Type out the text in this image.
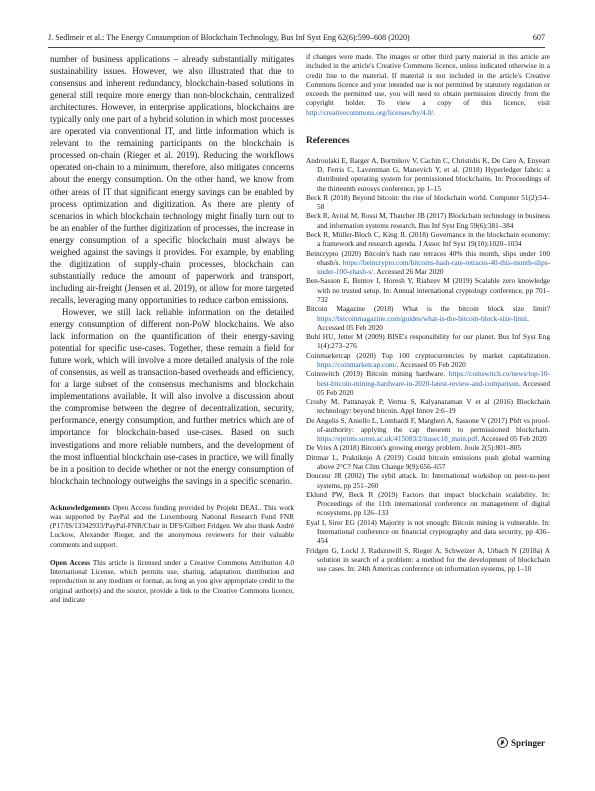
J. Sedlmeir et al.: The Energy Consumption of Blockchain Technology, Bus Inf Syst Eng 62(6):599–608 (2020)	607

number of business applications – already substantially mitigates sustainability issues. However, we also illustrated that due to consensus and inherent redundancy, blockchain-based solutions in general still require more energy than non-blockchain, centralized architectures. However, in enterprise applications, blockchains are typically only one part of a hybrid solution in which most processes are operated via conventional IT, and little information which is relevant to the remaining participants on the blockchain is processed on-chain (Rieger et al. 2019). Reducing the workflows operated on-chain to a minimum, therefore, also mitigates concerns about the energy consumption. On the other hand, we know from other areas of IT that significant energy savings can be enabled by process optimization and digitization. As there are plenty of scenarios in which blockchain technology might finally turn out to be an enabler of the further digitization of processes, the increase in energy consumption of a specific blockchain must always be weighed against the savings it provides. For example, by enabling the digitization of supply-chain processes, blockchain can substantially reduce the amount of paperwork and transport, including air-freight (Jensen et al. 2019), or allow for more targeted recalls, leveraging many opportunities to reduce carbon emissions.

However, we still lack reliable information on the detailed energy consumption of different non-PoW blockchains. We also lack information on the quantification of their energy-saving potential for specific use-cases. Together, these remain a field for future work, which will involve a more detailed analysis of the role of consensus, as well as transaction-based overheads and efficiency, for a large subset of the consensus mechanisms and blockchain implementations available. It will also involve a discussion about the compromise between the degree of decentralization, security, performance, energy consumption, and further metrics which are of importance for blockchain-based use-cases. Based on such investigations and more reliable numbers, and the development of the most influential blockchain use-cases in practice, we will finally be in a position to decide whether or not the energy consumption of blockchain technology outweighs the savings in a specific scenario.

Acknowledgements Open Access funding provided by Projekt DEAL. This work was supported by PayPal and the Luxembourg National Research Fund FNR (P17/IS/13342933/PayPal-FNR/Chair in DFS/Gilbert Fridgen. We also thank André Luckow, Alexander Rieger, and the anonymous reviewers for their valuable comments and support.

Open Access This article is licensed under a Creative Commons Attribution 4.0 International License, which permits use, sharing, adaptation, distribution and reproduction in any medium or format, as long as you give appropriate credit to the original author(s) and the source, provide a link to the Creative Commons licence, and indicate

if changes were made. The images or other third party material in this article are included in the article's Creative Commons licence, unless indicated otherwise in a credit line to the material. If material is not included in the article's Creative Commons licence and your intended use is not permitted by statutory regulation or exceeds the permitted use, you will need to obtain permission directly from the copyright holder. To view a copy of this licence, visit http://creativecommons.org/licenses/by/4.0/.

References

Androulaki E, Barger A, Bortnikov V, Cachin C, Christidis K, De Caro A, Enyeart D, Ferris C, Laventman G, Manevich Y, et al. (2018) Hyperledger fabric: a distributed operating system for permissioned blockchains. In: Proceedings of the thirteenth eurosys conference, pp 1–15

Beck R (2018) Beyond bitcoin: the rise of blockchain world. Computer 51(2):54–58

Beck R, Avital M, Rossi M, Thatcher JB (2017) Blockchain technology in business and information systems research. Bus Inf Syst Eng 59(6):381–384

Beck R, Müller-Bloch C, King JL (2018) Governance in the blockchain economy: a framework and research agenda. J Assoc Inf Syst 19(10):1020–1034

Beincrypto (2020) Bitcoin's hash rate retraces 40% this month, slips under 100 ehash/s. https://beincrypto.com/bitcoins-hash-rate-retraces-40-this-month-slips-under-100-ehash-s/. Accessed 26 Mar 2020

Ben-Sasson E, Bentov I, Horesh Y, Riabzev M (2019) Scalable zero knowledge with no trusted setup. In: Annual international cryptology conference, pp 701–732

Bitcoin Magazine (2018) What is the bitcoin block size limit? https://bitcoinmagazine.com/guides/what-is-the-bitcoin-block-size-limit. Accessed 05 Feb 2020

Buhl HU, Jetter M (2009) BISE's responsibility for our planet. Bus Inf Syst Eng 1(4):273–276

Coinmarketcap (2020) Top 100 cryptocurrencies by market capitalization. https://coinmarketcap.com/. Accessed 05 Feb 2020

Coinswitch (2019) Bitcoin mining hardware. https://coinswitch.co/news/top-10-best-bitcoin-mining-hardware-in-2020-latest-review-and-comparison. Accessed 05 Feb 2020

Crosby M, Pattanayak P, Verma S, Kalyanaraman V et al (2016) Blockchain technology: beyond bitcoin. Appl Innov 2:6–19

De Angelis S, Aniello L, Lombardi F, Margheri A, Sassone V (2017) Pbft vs proof-of-authority: applying the cap theorem to permissioned blockchain. https://eprints.soton.ac.uk/415083/2/itasec18_main.pdf. Accessed 05 Feb 2020

De Vries A (2018) Bitcoin's growing energy problem. Joule 2(5):801–805

Dittmar L, Praktiknjo A (2019) Could bitcoin emissions push global warming above 2°C? Nat Clim Change 9(9):656–657

Douceur JR (2002) The sybil attack. In: International workshop on peer-to-peer systems, pp 251–260

Eklund PW, Beck R (2019) Factors that impact blockchain scalability. In: Proceedings of the 11th international conference on management of digital ecosystems, pp 126–133

Eyal I, Sirer EG (2014) Majority is not enough: Bitcoin mining is vulnerable. In: International conference on financial cryptography and data security, pp 436–454

Fridgen G, Lockl J, Radszuwill S, Rieger A, Schweizer A, Urbach N (2018a) A solution in search of a problem: a method for the development of blockchain use cases. In: 24th Americas conference on information systems, pp 1–10

Springer
